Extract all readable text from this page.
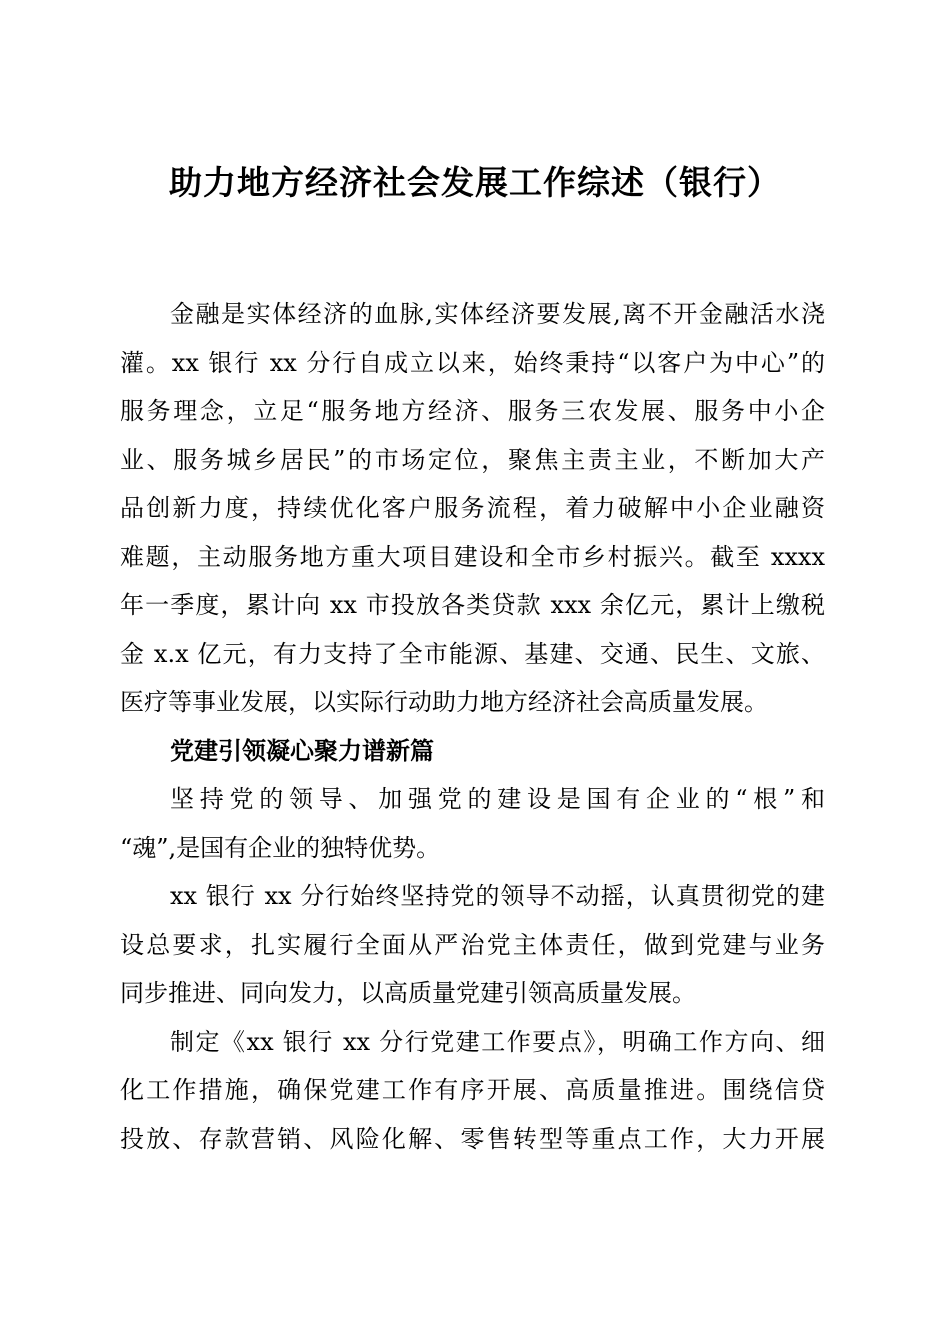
助力地方经济社会发展工作综述（银行）

金融是实体经济的血脉,实体经济要发展,离不开金融活水浇
灌。xx 银行 xx 分行自成立以来，始终秉持“以客户为中心”的
服务理念，立足“服务地方经济、服务三农发展、服务中小企
业、服务城乡居民”的市场定位，聚焦主责主业，不断加大产
品创新力度，持续优化客户服务流程，着力破解中小企业融资
难题，主动服务地方重大项目建设和全市乡村振兴。截至 xxxx
年一季度，累计向 xx 市投放各类贷款 xxx 余亿元，累计上缴税
金 x.x 亿元，有力支持了全市能源、基建、交通、民生、文旅、
医疗等事业发展，以实际行动助力地方经济社会高质量发展。

党建引领凝心聚力谱新篇

坚持党的领导、加强党的建设是国有企业的“根”和
“魂”,是国有企业的独特优势。

xx 银行 xx 分行始终坚持党的领导不动摇，认真贯彻党的建
设总要求，扎实履行全面从严治党主体责任，做到党建与业务
同步推进、同向发力，以高质量党建引领高质量发展。

制定《xx 银行 xx 分行党建工作要点》，明确工作方向、细
化工作措施，确保党建工作有序开展、高质量推进。围绕信贷
投放、存款营销、风险化解、零售转型等重点工作，大力开展
